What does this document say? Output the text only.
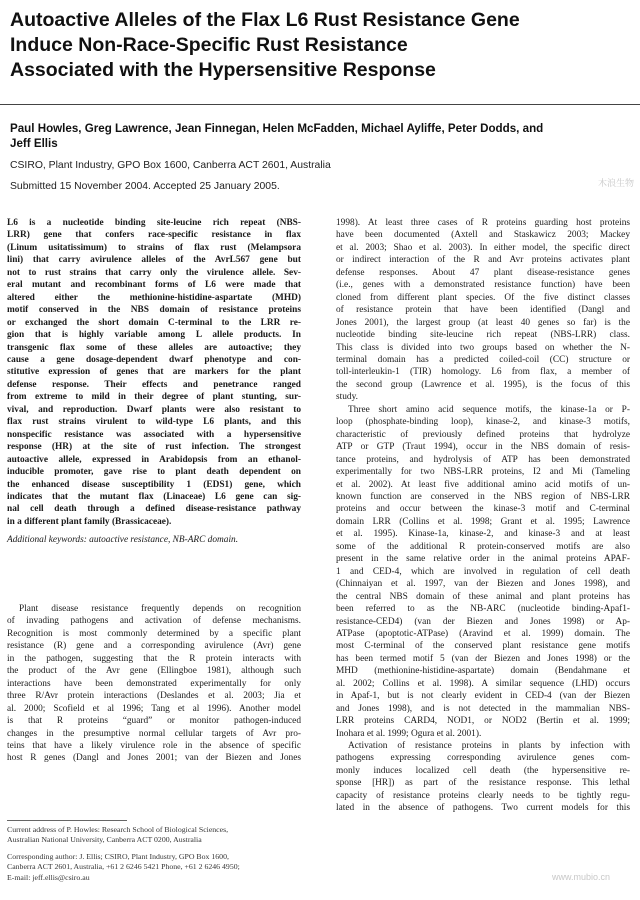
Autoactive Alleles of the Flax L6 Rust Resistance Gene
Induce Non-Race-Specific Rust Resistance
Associated with the Hypersensitive Response
Paul Howles, Greg Lawrence, Jean Finnegan, Helen McFadden, Michael Ayliffe, Peter Dodds, and
Jeff Ellis
CSIRO, Plant Industry, GPO Box 1600, Canberra ACT 2601, Australia
Submitted 15 November 2004. Accepted 25 January 2005.	木浪生物
L6 is a nucleotide binding site-leucine rich repeat (NBS-
LRR) gene that confers race-specific resistance in flax
(Linum usitatissimum) to strains of flax rust (Melampsora
lini) that carry avirulence alleles of the AvrL567 gene but
not to rust strains that carry only the virulence allele. Sev-
eral mutant and recombinant forms of L6 were made that
altered either the methionine-histidine-aspartate (MHD)
motif conserved in the NBS domain of resistance proteins
or exchanged the short domain C-terminal to the LRR re-
gion that is highly variable among L allele products. In
transgenic flax some of these alleles are autoactive; they
cause a gene dosage-dependent dwarf phenotype and con-
stitutive expression of genes that are markers for the plant
defense response. Their effects and penetrance ranged
from extreme to mild in their degree of plant stunting, sur-
vival, and reproduction. Dwarf plants were also resistant to
flax rust strains virulent to wild-type L6 plants, and this
nonspecific resistance was associated with a hypersensitive
response (HR) at the site of rust infection. The strongest
autoactive allele, expressed in Arabidopsis from an ethanol-
inducible promoter, gave rise to plant death dependent on
the enhanced disease susceptibility 1 (EDS1) gene, which
indicates that the mutant flax (Linaceae) L6 gene can sig-
nal cell death through a defined disease-resistance pathway
in a different plant family (Brassicaceae).
Additional keywords: autoactive resistance, NB-ARC domain.
Plant disease resistance frequently depends on recognition
of invading pathogens and activation of defense mechanisms.
Recognition is most commonly determined by a specific plant
resistance (R) gene and a corresponding avirulence (Avr) gene
in the pathogen, suggesting that the R protein interacts with
the product of the Avr gene (Ellingboe 1981), although such
interactions have been demonstrated experimentally for only
three R/Avr protein interactions (Deslandes et al. 2003; Jia et
al. 2000; Scofield et al 1996; Tang et al 1996). Another model
is that R proteins “guard” or monitor pathogen-induced
changes in the presumptive normal cellular targets of Avr pro-
teins that have a likely virulence role in the absence of specific
host R genes (Dangl and Jones 2001; van der Biezen and Jones
Current address of P. Howles: Research School of Biological Sciences,
Australian National University, Canberra ACT 0200, Australia
Corresponding author: J. Ellis; CSIRO, Plant Industry, GPO Box 1600,
Canberra ACT 2601, Australia, +61 2 6246 5421 Phone, +61 2 6246 4950;
E-mail: jeff.ellis@csiro.au
1998). At least three cases of R proteins guarding host proteins
have been documented (Axtell and Staskawicz 2003; Mackey
et al. 2003; Shao et al. 2003). In either model, the specific direct
or indirect interaction of the R and Avr proteins activates plant
defense responses. About 47 plant disease-resistance genes
(i.e., genes with a demonstrated resistance function) have been
cloned from different plant species. Of the five distinct classes
of resistance protein that have been identified (Dangl and
Jones 2001), the largest group (at least 40 genes so far) is the
nucleotide binding site-leucine rich repeat (NBS-LRR) class.
This class is divided into two groups based on whether the N-
terminal domain has a predicted coiled-coil (CC) structure or
toll-interleukin-1 (TIR) homology. L6 from flax, a member of
the second group (Lawrence et al. 1995), is the focus of this
study.
Three short amino acid sequence motifs, the kinase-1a or P-
loop (phosphate-binding loop), kinase-2, and kinase-3 motifs,
characteristic of previously defined proteins that hydrolyze
ATP or GTP (Traut 1994), occur in the NBS domain of resis-
tance proteins, and hydrolysis of ATP has been demonstrated
experimentally for two NBS-LRR proteins, I2 and Mi (Tameling
et al. 2002). At least five additional amino acid motifs of un-
known function are conserved in the NBS region of NBS-LRR
proteins and occur between the kinase-3 motif and C-terminal
domain LRR (Collins et al. 1998; Grant et al. 1995; Lawrence
et al. 1995). Kinase-1a, kinase-2, and kinase-3 and at least
some of the additional R protein-conserved motifs are also
present in the same relative order in the animal proteins APAF-
1 and CED-4, which are involved in regulation of cell death
(Chinnaiyan et al. 1997, van der Biezen and Jones 1998), and
the central NBS domain of these animal and plant proteins has
been referred to as the NB-ARC (nucleotide binding-Apaf1-
resistance-CED4) (van der Biezen and Jones 1998) or Ap-
ATPase (apoptotic-ATPase) (Aravind et al. 1999) domain. The
most C-terminal of the conserved plant resistance gene motifs
has been termed motif 5 (van der Biezen and Jones 1998) or the
MHD (methionine-histidine-aspartate) domain (Bendahmane et
al. 2002; Collins et al. 1998). A similar sequence (LHD) occurs
in Apaf-1, but is not clearly evident in CED-4 (van der Biezen
and Jones 1998), and is not detected in the mammalian NBS-
LRR proteins CARD4, NOD1, or NOD2 (Bertin et al. 1999;
Inohara et al. 1999; Ogura et al. 2001).
Activation of resistance proteins in plants by infection with
pathogens expressing corresponding avirulence genes com-
monly induces localized cell death (the hypersensitive re-
sponse [HR]) as part of the resistance response. This lethal
capacity of resistance proteins clearly needs to be tightly regu-
lated in the absence of pathogens. Two current models for this
www.mubio.cn
